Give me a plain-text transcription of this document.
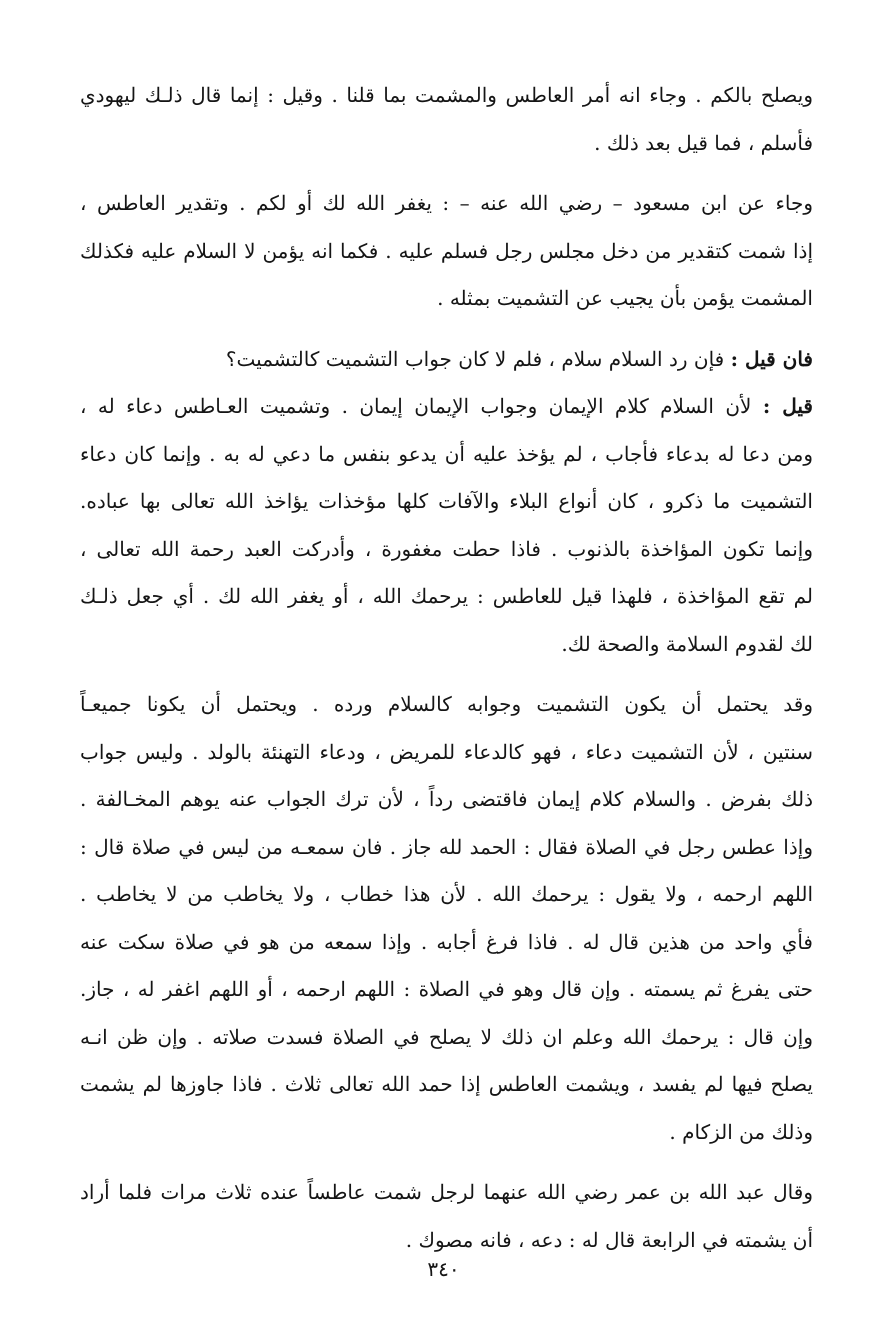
ويصلح بالكم . وجاء انه أمر العاطس والمشمت بما قلنا . وقيل : إنما قال ذلـك ليهودي
فأسلم ، فما قيل بعد ذلك .
وجاء عن ابن مسعود – رضي الله عنه – : يغفر الله لك أو لكم . وتقدير العاطس ،
إذا شمت كتقدير من دخل مجلس رجل فسلم عليه . فكما انه يؤمن لا السلام عليه فكذلك
المشمت يؤمن بأن يجيب عن التشميت بمثله .
فان قيل : فإن رد السلام سلام ، فلم لا كان جواب التشميت كالتشميت؟
قيل : لأن السلام كلام الإيمان وجواب الإيمان إيمان . وتشميت العـاطس دعاء له ،
ومن دعا له بدعاء فأجاب ، لم يؤخذ عليه أن يدعو بنفس ما دعي له به . وإنما كان دعاء
التشميت ما ذكرو ، كان أنواع البلاء والآفات كلها مؤخذات يؤاخذ الله تعالى بها عباده.
وإنما تكون المؤاخذة بالذنوب . فاذا حطت مغفورة ، وأدركت العبد رحمة الله تعالى ،
لم تقع المؤاخذة ، فلهذا قيل للعاطس : يرحمك الله ، أو يغفر الله لك . أي جعل ذلـك
لك لقدوم السلامة والصحة لك.
وقد يحتمل أن يكون التشميت وجوابه كالسلام ورده . ويحتمل أن يكونا جميعـاً
سنتين ، لأن التشميت دعاء ، فهو كالدعاء للمريض ، ودعاء التهنئة بالولد . وليس جواب
ذلك بفرض . والسلام كلام إيمان فاقتضى رداً ، لأن ترك الجواب عنه يوهم المخـالفة .
وإذا عطس رجل في الصلاة فقال : الحمد لله جاز . فان سمعـه من ليس في صلاة قال :
اللهم ارحمه ، ولا يقول : يرحمك الله . لأن هذا خطاب ، ولا يخاطب من لا يخاطب .
فأي واحد من هذين قال له . فاذا فرغ أجابه . وإذا سمعه من هو في صلاة سكت عنه
حتى يفرغ ثم يسمته . وإن قال وهو في الصلاة : اللهم ارحمه ، أو اللهم اغفر له ، جاز.
وإن قال : يرحمك الله وعلم ان ذلك لا يصلح في الصلاة فسدت صلاته . وإن ظن انـه
يصلح فيها لم يفسد ، ويشمت العاطس إذا حمد الله تعالى ثلاث . فاذا جاوزها لم يشمت
وذلك من الزكام .
وقال عبد الله بن عمر رضي الله عنهما لرجل شمت عاطساً عنده ثلاث مرات فلما أراد
أن يشمته في الرابعة قال له : دعه ، فانه مصوك .
٣٤٠
